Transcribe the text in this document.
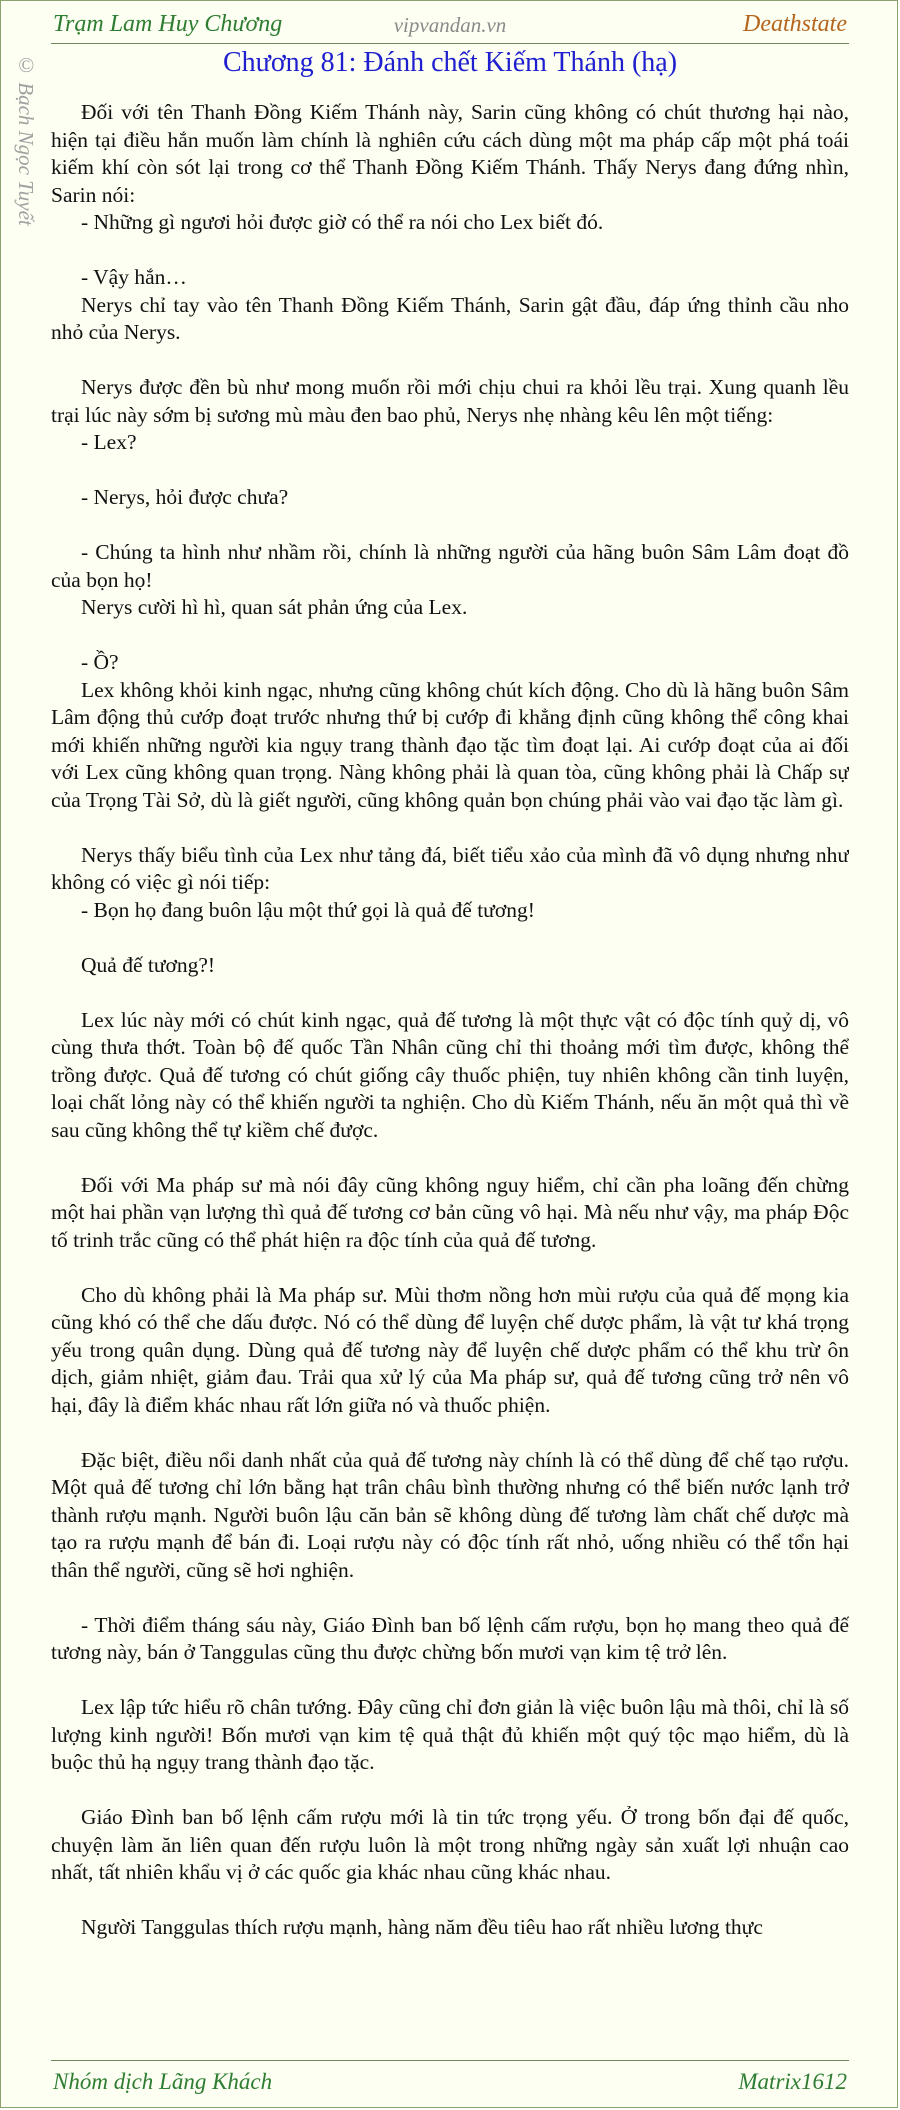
Trạm Lam Huy Chương	vipvandan.vn	Deathstate
© Bạch Ngọc Tuyết	Chương 81: Đánh chết Kiếm Thánh (hạ)

Đối với tên Thanh Đồng Kiếm Thánh này, Sarin cũng không có chút thương hại nào, hiện tại điều hắn muốn làm chính là nghiên cứu cách dùng một ma pháp cấp một phá toái kiếm khí còn sót lại trong cơ thể Thanh Đồng Kiếm Thánh. Thấy Nerys đang đứng nhìn, Sarin nói:

- Những gì ngươi hỏi được giờ có thể ra nói cho Lex biết đó.

- Vậy hắn…

Nerys chỉ tay vào tên Thanh Đồng Kiếm Thánh, Sarin gật đầu, đáp ứng thỉnh cầu nho nhỏ của Nerys.

Nerys được đền bù như mong muốn rồi mới chịu chui ra khỏi lều trại. Xung quanh lều trại lúc này sớm bị sương mù màu đen bao phủ, Nerys nhẹ nhàng kêu lên một tiếng:

- Lex?

- Nerys, hỏi được chưa?

- Chúng ta hình như nhầm rồi, chính là những người của hãng buôn Sâm Lâm đoạt đồ của bọn họ!

Nerys cười hì hì, quan sát phản ứng của Lex.

- Ồ?

Lex không khỏi kinh ngạc, nhưng cũng không chút kích động. Cho dù là hãng buôn Sâm Lâm động thủ cướp đoạt trước nhưng thứ bị cướp đi khẳng định cũng không thể công khai mới khiến những người kia ngụy trang thành đạo tặc tìm đoạt lại. Ai cướp đoạt của ai đối với Lex cũng không quan trọng. Nàng không phải là quan tòa, cũng không phải là Chấp sự của Trọng Tài Sở, dù là giết người, cũng không quản bọn chúng phải vào vai đạo tặc làm gì.

Nerys thấy biểu tình của Lex như tảng đá, biết tiểu xảo của mình đã vô dụng nhưng như không có việc gì nói tiếp:

- Bọn họ đang buôn lậu một thứ gọi là quả đế tương!

Quả đế tương?!

Lex lúc này mới có chút kinh ngạc, quả đế tương là một thực vật có độc tính quỷ dị, vô cùng thưa thớt. Toàn bộ đế quốc Tần Nhân cũng chỉ thi thoảng mới tìm được, không thể trồng được. Quả đế tương có chút giống cây thuốc phiện, tuy nhiên không cần tinh luyện, loại chất lỏng này có thể khiến người ta nghiện. Cho dù Kiếm Thánh, nếu ăn một quả thì về sau cũng không thể tự kiềm chế được.

Đối với Ma pháp sư mà nói đây cũng không nguy hiểm, chỉ cần pha loãng đến chừng một hai phần vạn lượng thì quả đế tương cơ bản cũng vô hại. Mà nếu như vậy, ma pháp Độc tố trinh trắc cũng có thể phát hiện ra độc tính của quả đế tương.

Cho dù không phải là Ma pháp sư. Mùi thơm nồng hơn mùi rượu của quả đế mọng kia cũng khó có thể che dấu được. Nó có thể dùng để luyện chế dược phẩm, là vật tư khá trọng yếu trong quân dụng. Dùng quả đế tương này để luyện chế dược phẩm có thể khu trừ ôn dịch, giảm nhiệt, giảm đau. Trải qua xử lý của Ma pháp sư, quả đế tương cũng trở nên vô hại, đây là điểm khác nhau rất lớn giữa nó và thuốc phiện.

Đặc biệt, điều nổi danh nhất của quả đế tương này chính là có thể dùng để chế tạo rượu. Một quả đế tương chỉ lớn bằng hạt trân châu bình thường nhưng có thể biến nước lạnh trở thành rượu mạnh. Người buôn lậu căn bản sẽ không dùng đế tương làm chất chế dược mà tạo ra rượu mạnh để bán đi. Loại rượu này có độc tính rất nhỏ, uống nhiều có thể tổn hại thân thể người, cũng sẽ hơi nghiện.

- Thời điểm tháng sáu này, Giáo Đình ban bố lệnh cấm rượu, bọn họ mang theo quả đế tương này, bán ở Tanggulas cũng thu được chừng bốn mươi vạn kim tệ trở lên.

Lex lập tức hiểu rõ chân tướng. Đây cũng chỉ đơn giản là việc buôn lậu mà thôi, chỉ là số lượng kinh người! Bốn mươi vạn kim tệ quả thật đủ khiến một quý tộc mạo hiểm, dù là buộc thủ hạ ngụy trang thành đạo tặc.

Giáo Đình ban bố lệnh cấm rượu mới là tin tức trọng yếu. Ở trong bốn đại đế quốc, chuyện làm ăn liên quan đến rượu luôn là một trong những ngày sản xuất lợi nhuận cao nhất, tất nhiên khẩu vị ở các quốc gia khác nhau cũng khác nhau.

Người Tanggulas thích rượu mạnh, hàng năm đều tiêu hao rất nhiều lương thực

Nhóm dịch Lãng Khách	Matrix1612
